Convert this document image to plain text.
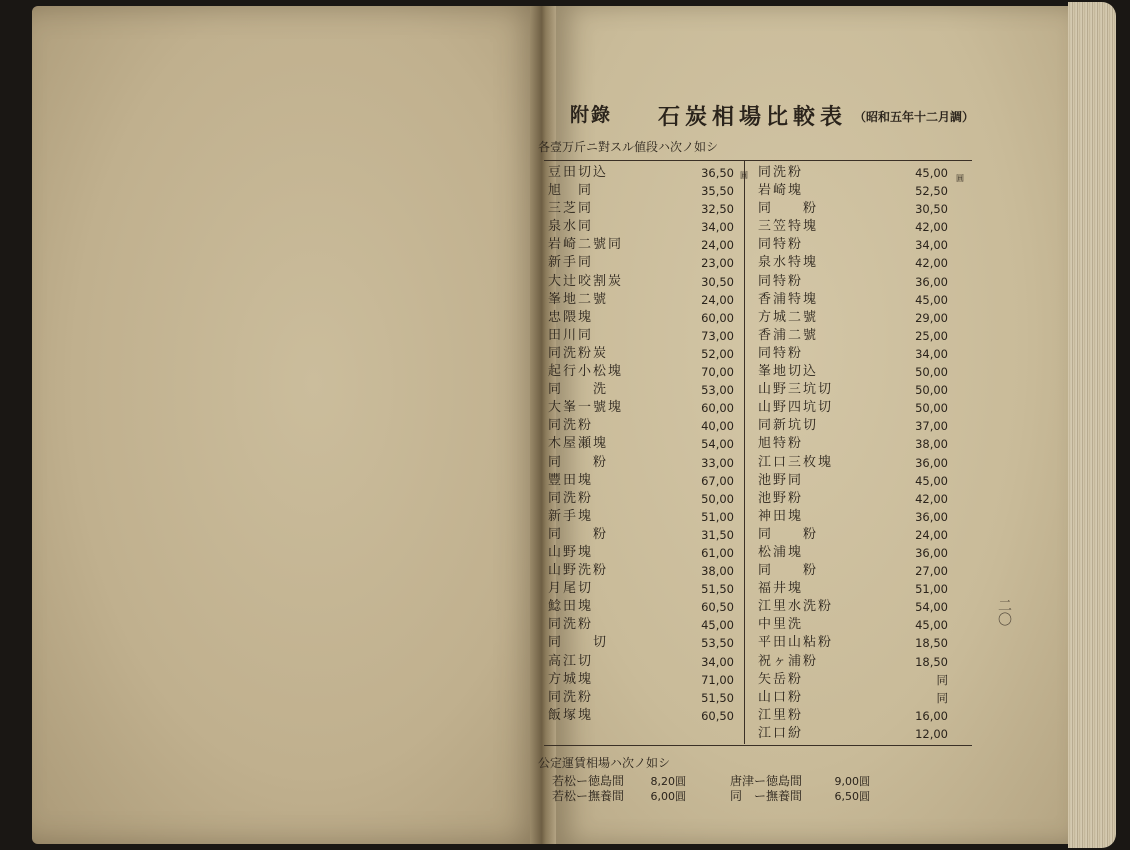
附錄 石炭相場比較表 （昭和五年十二月調）
各壹万斤ニ對スル値段ハ次ノ如シ
圓	圓
豆田切込	36,50
旭　同	35,50
三芝同	32,50
泉水同	34,00
岩崎二號同	24,00
新手同	23,00
大辻咬割炭	30,50
峯地二號	24,00
忠隈塊	60,00
田川同	73,00
同洗粉炭	52,00
起行小松塊	70,00
同　　洗	53,00
大峯一號塊	60,00
同洗粉	40,00
木屋瀬塊	54,00
同　　粉	33,00
豐田塊	67,00
同洗粉	50,00
新手塊	51,00
同　　粉	31,50
山野塊	61,00
山野洗粉	38,00
月尾切	51,50
鯰田塊	60,50
同洗粉	45,00
同　　切	53,50
高江切	34,00
方城塊	71,00
同洗粉	51,50
飯塚塊	60,50
同洗粉	45,00
岩崎塊	52,50
同　　粉	30,50
三笠特塊	42,00
同特粉	34,00
泉水特塊	42,00
同特粉	36,00
香浦特塊	45,00
方城二號	29,00
香浦二號	25,00
同特粉	34,00
峯地切込	50,00
山野三坑切	50,00
山野四坑切	50,00
同新坑切	37,00
旭特粉	38,00
江口三枚塊	36,00
池野同	45,00
池野粉	42,00
神田塊	36,00
同　　粉	24,00
松浦塊	36,00
同　　粉	27,00
福井塊	51,00
江里水洗粉	54,00
中里洗	45,00
平田山粘粉	18,50
祝ヶ浦粉	18,50
矢岳粉	同
山口粉	同
江里粉	16,00
江口紛	12,00
公定運賃相場ハ次ノ如シ
若松ー徳島間 8,20圓
若松ー撫養間 6,00圓
唐津ー徳島間	9,00圓
同　ー撫養間	6,50圓
二〇
